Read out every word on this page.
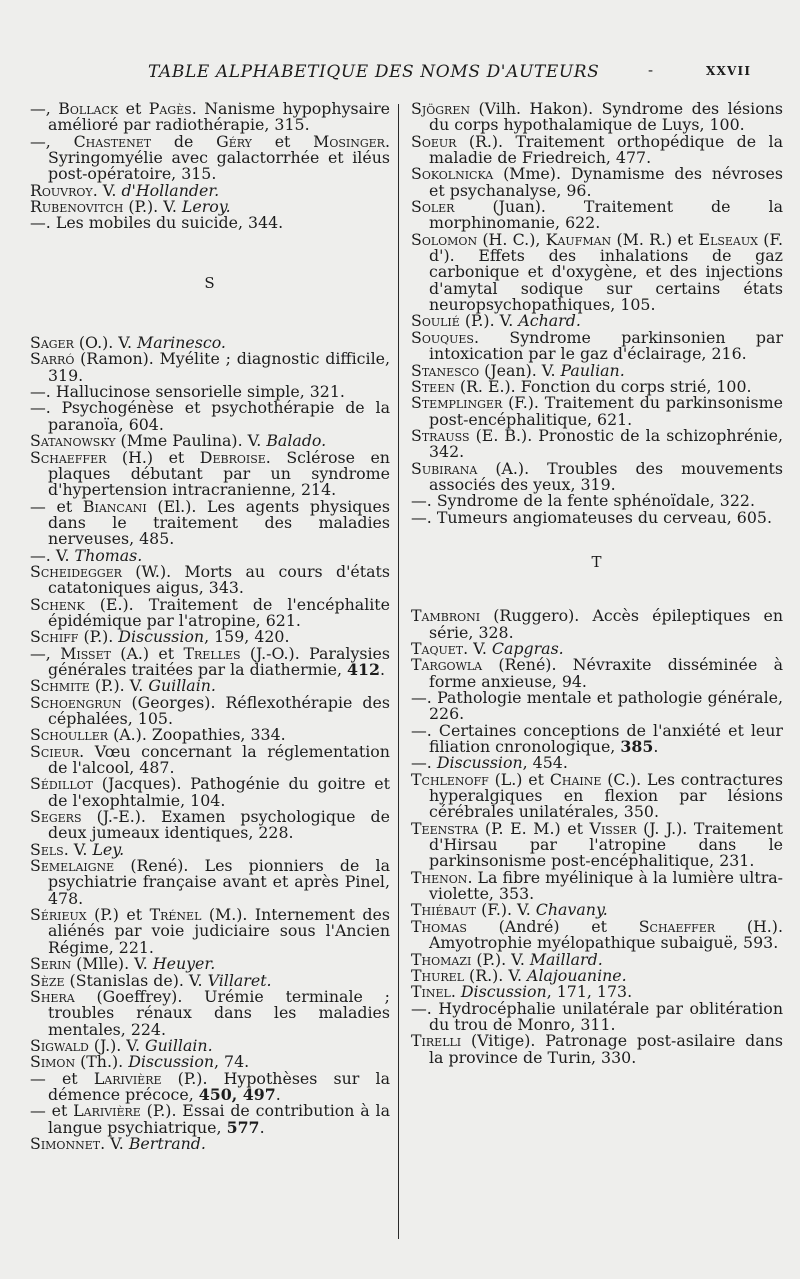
TABLE ALPHABETIQUE DES NOMS D'AUTEURS	-	XXVII
—, Bollack et Pagès. Nanisme hypophysaire amélioré par radiothérapie, 315.
—, Chastenet de Géry et Mosinger. Syringomyélie avec galactorrhée et iléus post-opératoire, 315.
Rouvroy. V. d'Hollander.
Rubenovitch (P.). V. Leroy.
—. Les mobiles du suicide, 344.
S
Sager (O.). V. Marinesco.
Sarró (Ramon). Myélite ; diagnostic difficile, 319.
—. Hallucinose sensorielle simple, 321.
—. Psychogénèse et psychothérapie de la paranoïa, 604.
Satanowsky (Mme Paulina). V. Balado.
Schaeffer (H.) et Debroise. Sclérose en plaques débutant par un syndrome d'hypertension intracranienne, 214.
— et Biancani (El.). Les agents physiques dans le traitement des maladies nerveuses, 485.
—. V. Thomas.
Scheidegger (W.). Morts au cours d'états catatoniques aigus, 343.
Schenk (E.). Traitement de l'encéphalite épidémique par l'atropine, 621.
Schiff (P.). Discussion, 159, 420.
—, Misset (A.) et Trelles (J.-O.). Paralysies générales traitées par la diathermie, 412.
Schmite (P.). V. Guillain.
Schoengrun (Georges). Réflexothérapie des céphalées, 105.
Schouller (A.). Zoopathies, 334.
Scieur. Vœu concernant la réglementation de l'alcool, 487.
Sédillot (Jacques). Pathogénie du goitre et de l'exophtalmie, 104.
Segers (J.-E.). Examen psychologique de deux jumeaux identiques, 228.
Sels. V. Ley.
Semelaigne (René). Les pionniers de la psychiatrie française avant et après Pinel, 478.
Sérieux (P.) et Trénel (M.). Internement des aliénés par voie judiciaire sous l'Ancien Régime, 221.
Serin (Mlle). V. Heuyer.
Sèze (Stanislas de). V. Villaret.
Shera (Goeffrey). Urémie terminale ; troubles rénaux dans les maladies mentales, 224.
Sigwald (J.). V. Guillain.
Simon (Th.). Discussion, 74.
— et Larivière (P.). Hypothèses sur la démence précoce, 450, 497.
— et Larivière (P.). Essai de contribution à la langue psychiatrique, 577.
Simonnet. V. Bertrand.
Sjögren (Vilh. Hakon). Syndrome des lésions du corps hypothalamique de Luys, 100.
Soeur (R.). Traitement orthopédique de la maladie de Friedreich, 477.
Sokolnicka (Mme). Dynamisme des névroses et psychanalyse, 96.
Soler (Juan). Traitement de la morphinomanie, 622.
Solomon (H. C.), Kaufman (M. R.) et Elseaux (F. d'). Effets des inhalations de gaz carbonique et d'oxygène, et des injections d'amytal sodique sur certains états neuropsychopathiques, 105.
Soulié (P.). V. Achard.
Souques. Syndrome parkinsonien par intoxication par le gaz d'éclairage, 216.
Stanesco (Jean). V. Paulian.
Steen (R. E.). Fonction du corps strié, 100.
Stemplinger (F.). Traitement du parkinsonisme post-encéphalitique, 621.
Strauss (E. B.). Pronostic de la schizophrénie, 342.
Subirana (A.). Troubles des mouvements associés des yeux, 319.
—. Syndrome de la fente sphénoïdale, 322.
—. Tumeurs angiomateuses du cerveau, 605.
T
Tambroni (Ruggero). Accès épileptiques en série, 328.
Taquet. V. Capgras.
Targowla (René). Névraxite disséminée à forme anxieuse, 94.
—. Pathologie mentale et pathologie générale, 226.
—. Certaines conceptions de l'anxiété et leur filiation cnronologique, 385.
—. Discussion, 454.
Tchlenoff (L.) et Chaine (C.). Les contractures hyperalgiques en flexion par lésions cérébrales unilatérales, 350.
Teenstra (P. E. M.) et Visser (J. J.). Traitement d'Hirsau par l'atropine dans le parkinsonisme post-encéphalitique, 231.
Thenon. La fibre myélinique à la lumière ultra-violette, 353.
Thiébaut (F.). V. Chavany.
Thomas (André) et Schaeffer (H.). Amyotrophie myélopathique subaiguë, 593.
Thomazi (P.). V. Maillard.
Thurel (R.). V. Alajouanine.
Tinel. Discussion, 171, 173.
—. Hydrocéphalie unilatérale par oblitération du trou de Monro, 311.
Tirelli (Vitige). Patronage post-asilaire dans la province de Turin, 330.
